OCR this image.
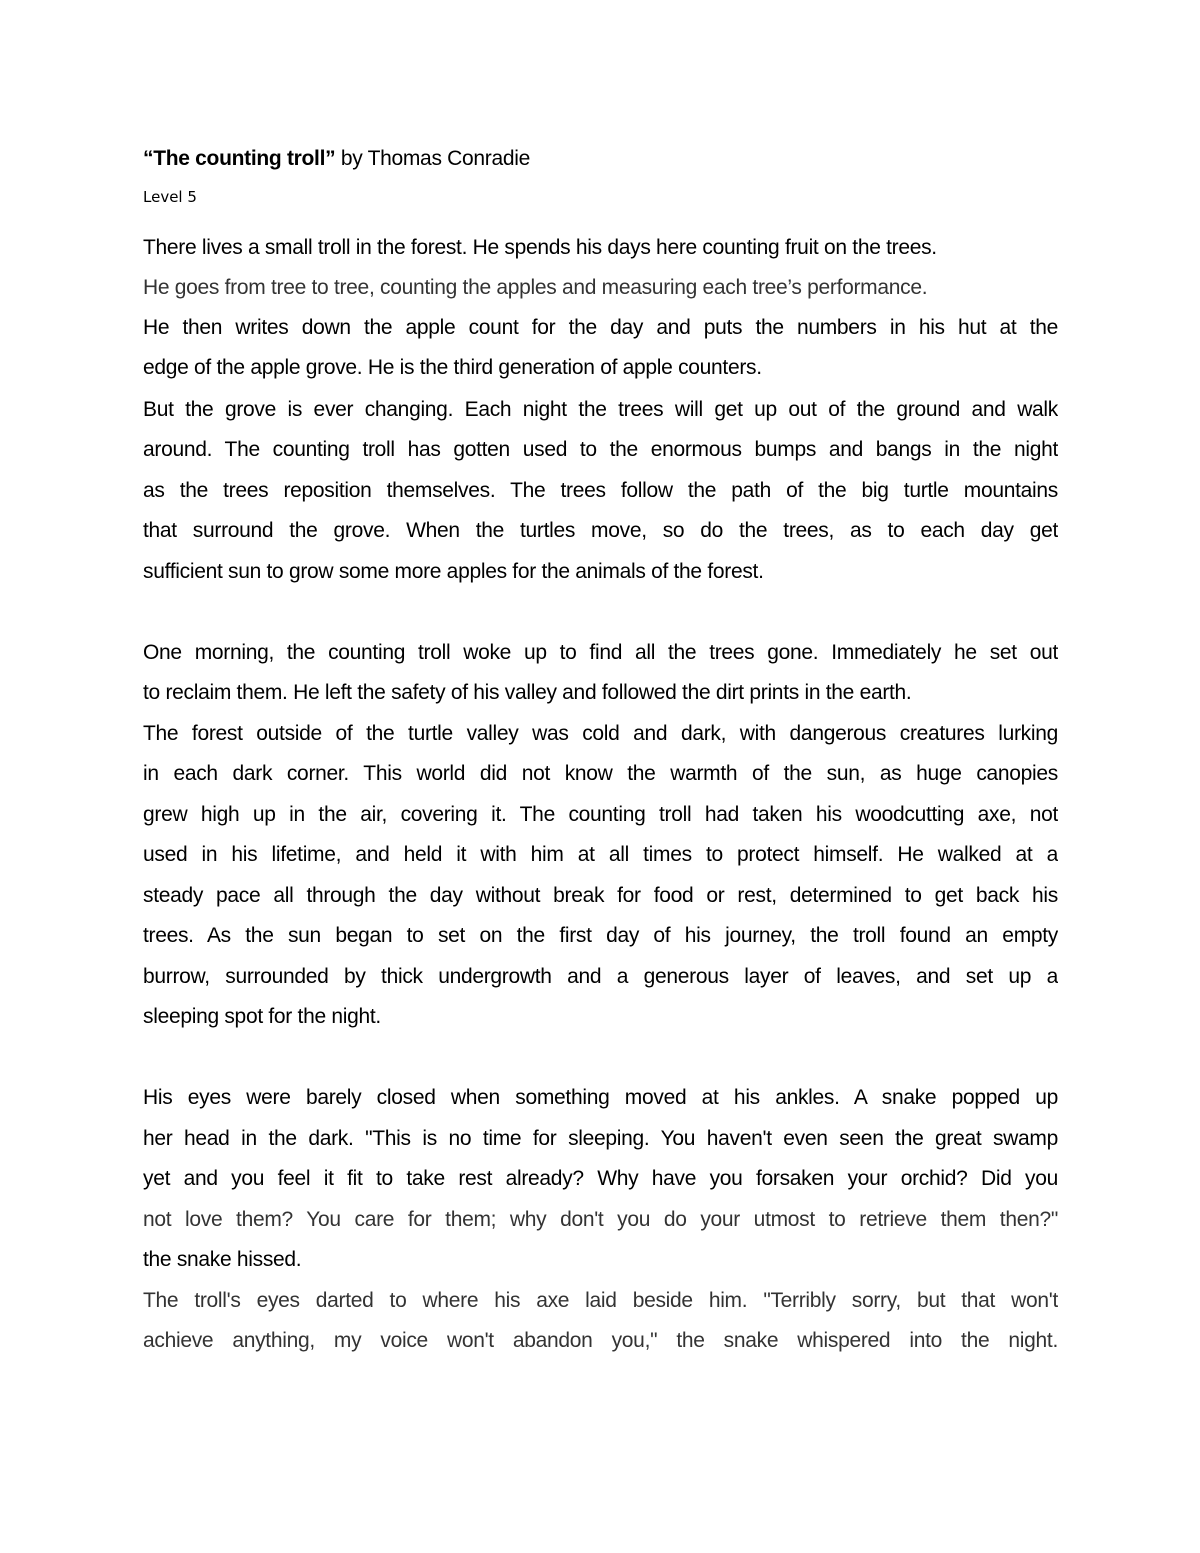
“The counting troll” by Thomas Conradie
Level 5
There lives a small troll in the forest. He spends his days here counting fruit on the trees.
He goes from tree to tree, counting the apples and measuring each tree’s performance.
He then writes down the apple count for the day and puts the numbers in his hut at the
edge of the apple grove. He is the third generation of apple counters.
But the grove is ever changing. Each night the trees will get up out of the ground and walk
around. The counting troll has gotten used to the enormous bumps and bangs in the night
as the trees reposition themselves. The trees follow the path of the big turtle mountains
that surround the grove. When the turtles move, so do the trees, as to each day get
sufficient sun to grow some more apples for the animals of the forest.
One morning, the counting troll woke up to find all the trees gone. Immediately he set out
to reclaim them. He left the safety of his valley and followed the dirt prints in the earth.
The forest outside of the turtle valley was cold and dark, with dangerous creatures lurking
in each dark corner. This world did not know the warmth of the sun, as huge canopies
grew high up in the air, covering it. The counting troll had taken his woodcutting axe, not
used in his lifetime, and held it with him at all times to protect himself. He walked at a
steady pace all through the day without break for food or rest, determined to get back his
trees. As the sun began to set on the first day of his journey, the troll found an empty
burrow, surrounded by thick undergrowth and a generous layer of leaves, and set up a
sleeping spot for the night.
His eyes were barely closed when something moved at his ankles. A snake popped up
her head in the dark. "This is no time for sleeping. You haven't even seen the great swamp
yet and you feel it fit to take rest already? Why have you forsaken your orchid? Did you
not love them? You care for them; why don't you do your utmost to retrieve them then?"
the snake hissed.
The troll's eyes darted to where his axe laid beside him. "Terribly sorry, but that won't
achieve anything, my voice won't abandon you," the snake whispered into the night.
